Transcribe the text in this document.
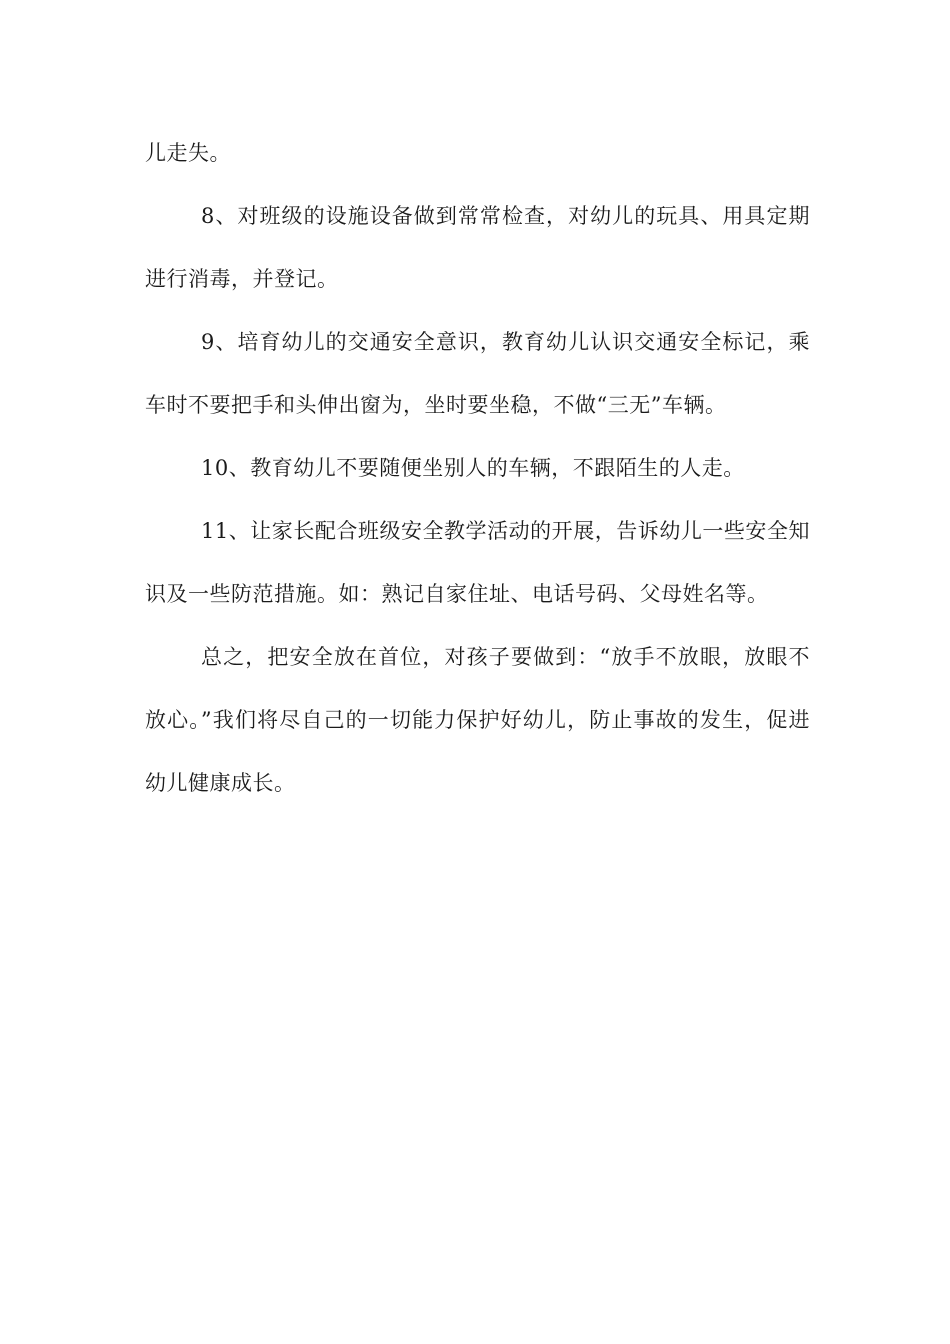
儿走失。

8、对班级的设施设备做到常常检查，对幼儿的玩具、用具定期进行消毒，并登记。

9、培育幼儿的交通安全意识，教育幼儿认识交通安全标记，乘车时不要把手和头伸出窗为，坐时要坐稳，不做“三无”车辆。

10、教育幼儿不要随便坐别人的车辆，不跟陌生的人走。

11、让家长配合班级安全教学活动的开展，告诉幼儿一些安全知识及一些防范措施。如：熟记自家住址、电话号码、父母姓名等。

总之，把安全放在首位，对孩子要做到：“放手不放眼，放眼不放心。”我们将尽自己的一切能力保护好幼儿，防止事故的发生，促进幼儿健康成长。
